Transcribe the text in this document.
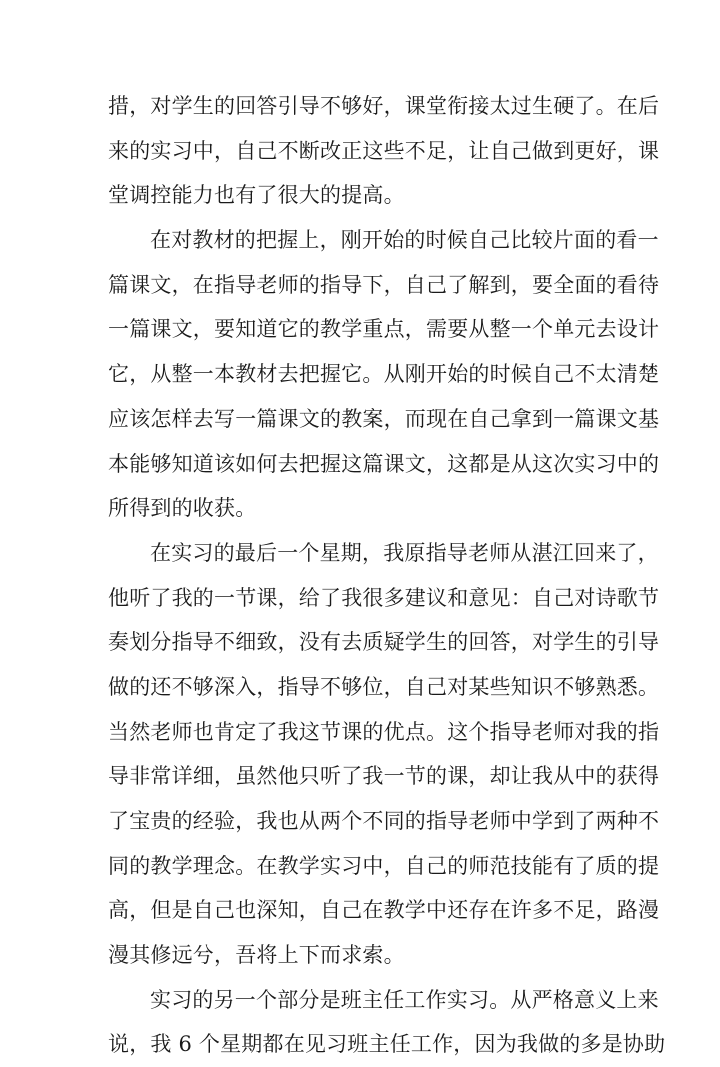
措，对学生的回答引导不够好，课堂衔接太过生硬了。在后
来的实习中，自己不断改正这些不足，让自己做到更好，课
堂调控能力也有了很大的提高。
在对教材的把握上，刚开始的时候自己比较片面的看一
篇课文，在指导老师的指导下，自己了解到，要全面的看待
一篇课文，要知道它的教学重点，需要从整一个单元去设计
它，从整一本教材去把握它。从刚开始的时候自己不太清楚
应该怎样去写一篇课文的教案，而现在自己拿到一篇课文基
本能够知道该如何去把握这篇课文，这都是从这次实习中的
所得到的收获。
在实习的最后一个星期，我原指导老师从湛江回来了，
他听了我的一节课，给了我很多建议和意见：自己对诗歌节
奏划分指导不细致，没有去质疑学生的回答，对学生的引导
做的还不够深入，指导不够位，自己对某些知识不够熟悉。
当然老师也肯定了我这节课的优点。这个指导老师对我的指
导非常详细，虽然他只听了我一节的课，却让我从中的获得
了宝贵的经验，我也从两个不同的指导老师中学到了两种不
同的教学理念。在教学实习中，自己的师范技能有了质的提
高，但是自己也深知，自己在教学中还存在许多不足，路漫
漫其修远兮，吾将上下而求索。
实习的另一个部分是班主任工作实习。从严格意义上来
说，我 6 个星期都在见习班主任工作，因为我做的多是协助
